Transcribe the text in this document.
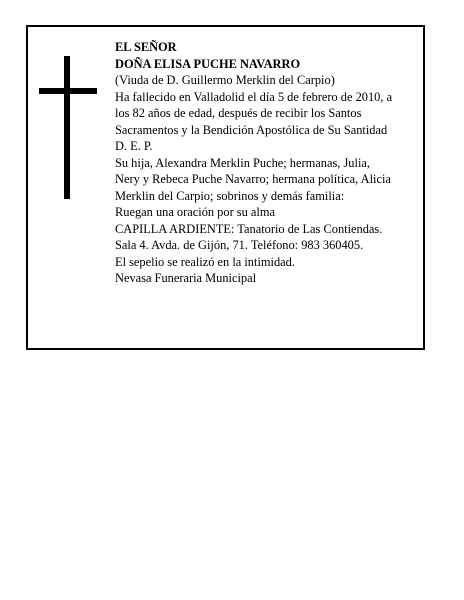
EL SEÑOR
DOÑA ELISA PUCHE NAVARRO
(Viuda de D. Guillermo Merklin del Carpio)
Ha fallecido en Valladolid el día 5 de febrero de 2010, a
los 82 años de edad, después de recibir los Santos
Sacramentos y la Bendición Apostólica de Su Santidad
D. E. P.
Su hija, Alexandra Merklin Puche; hermanas, Julia,
Nery y Rebeca Puche Navarro; hermana política, Alicia
Merklin del Carpio; sobrinos y demás familia:
Ruegan una oración por su alma
CAPILLA ARDIENTE: Tanatorio de Las Contiendas.
Sala 4. Avda. de Gijón, 71. Teléfono: 983 360405.
El sepelio se realizó en la intimidad.
Nevasa Funeraria Municipal
